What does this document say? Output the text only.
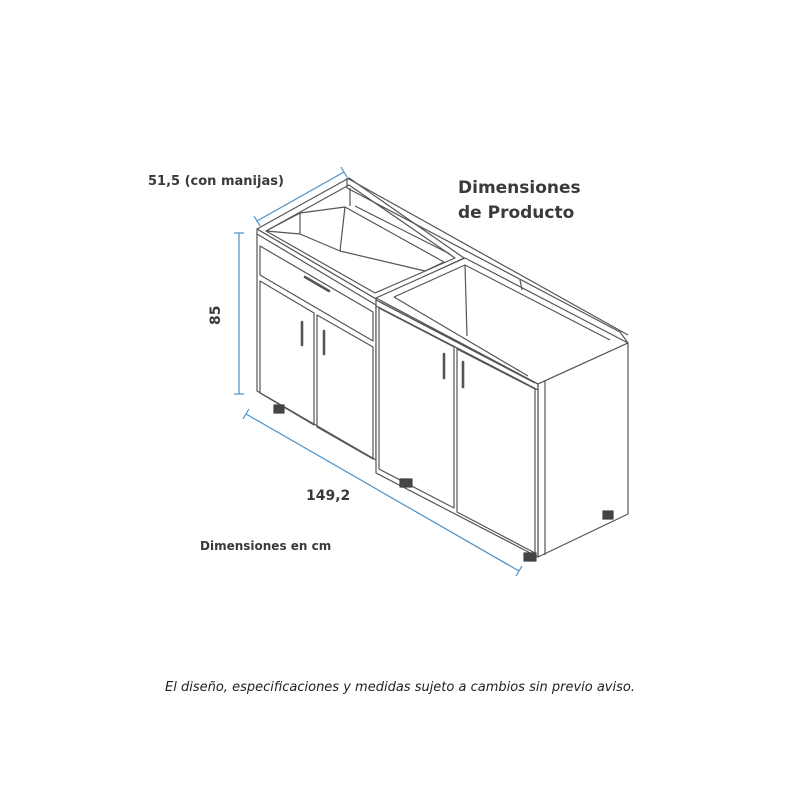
51,5 (con manijas)
85
149,2
Dimensiones
de Producto
Dimensiones en cm
El diseño, especificaciones y medidas sujeto a cambios sin previo aviso.
